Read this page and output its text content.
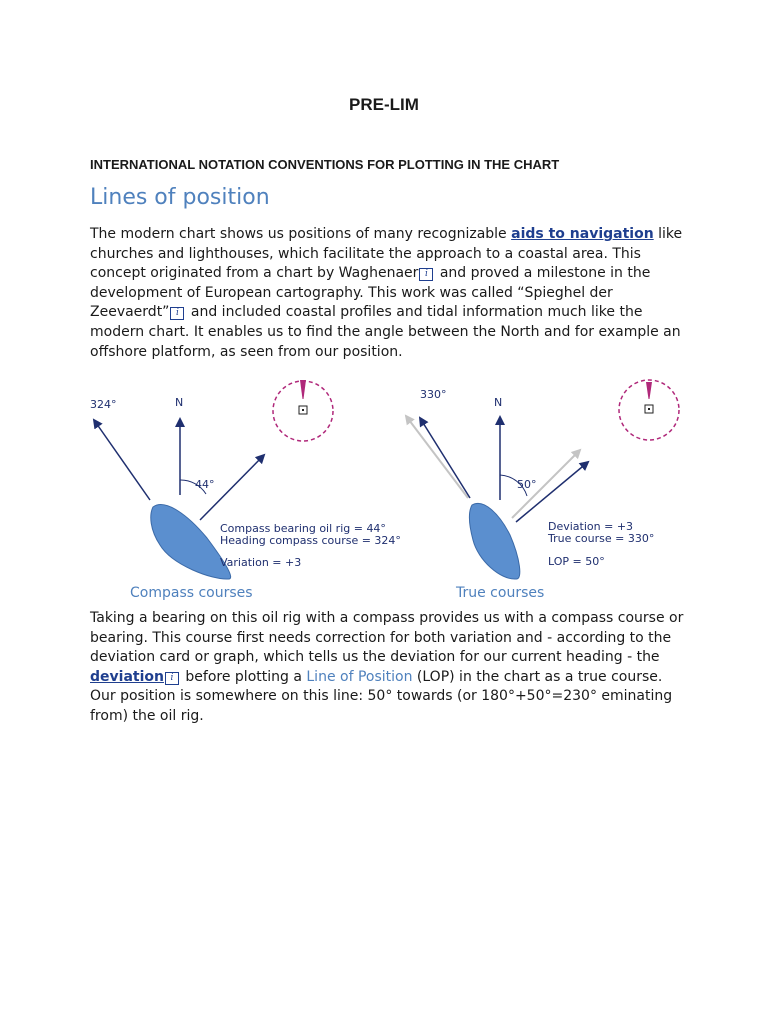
PRE-LIM
INTERNATIONAL NOTATION CONVENTIONS FOR PLOTTING IN THE CHART
Lines of position
The modern chart shows us positions of many recognizable aids to navigation like churches and lighthouses, which facilitate the approach to a coastal area. This concept originated from a chart by Waghenaer i and proved a milestone in the development of European cartography. This work was called “Spieghel der Zeevaerdt” i and included coastal profiles and tidal information much like the modern chart. It enables us to find the angle between the North and for example an offshore platform, as seen from our position.
324°	N
44°
Compass bearing oil rig = 44°
Heading compass course = 324°
Variation = +3
Compass courses
330°
N
50°
Deviation = +3
True course = 330°
LOP = 50°
True courses
Taking a bearing on this oil rig with a compass provides us with a compass course or bearing. This course first needs correction for both variation and - according to the deviation card or graph, which tells us the deviation for our current heading - the deviation i before plotting a Line of Position (LOP) in the chart as a true course.
Our position is somewhere on this line: 50° towards (or 180°+50°=230° eminating from) the oil rig.
